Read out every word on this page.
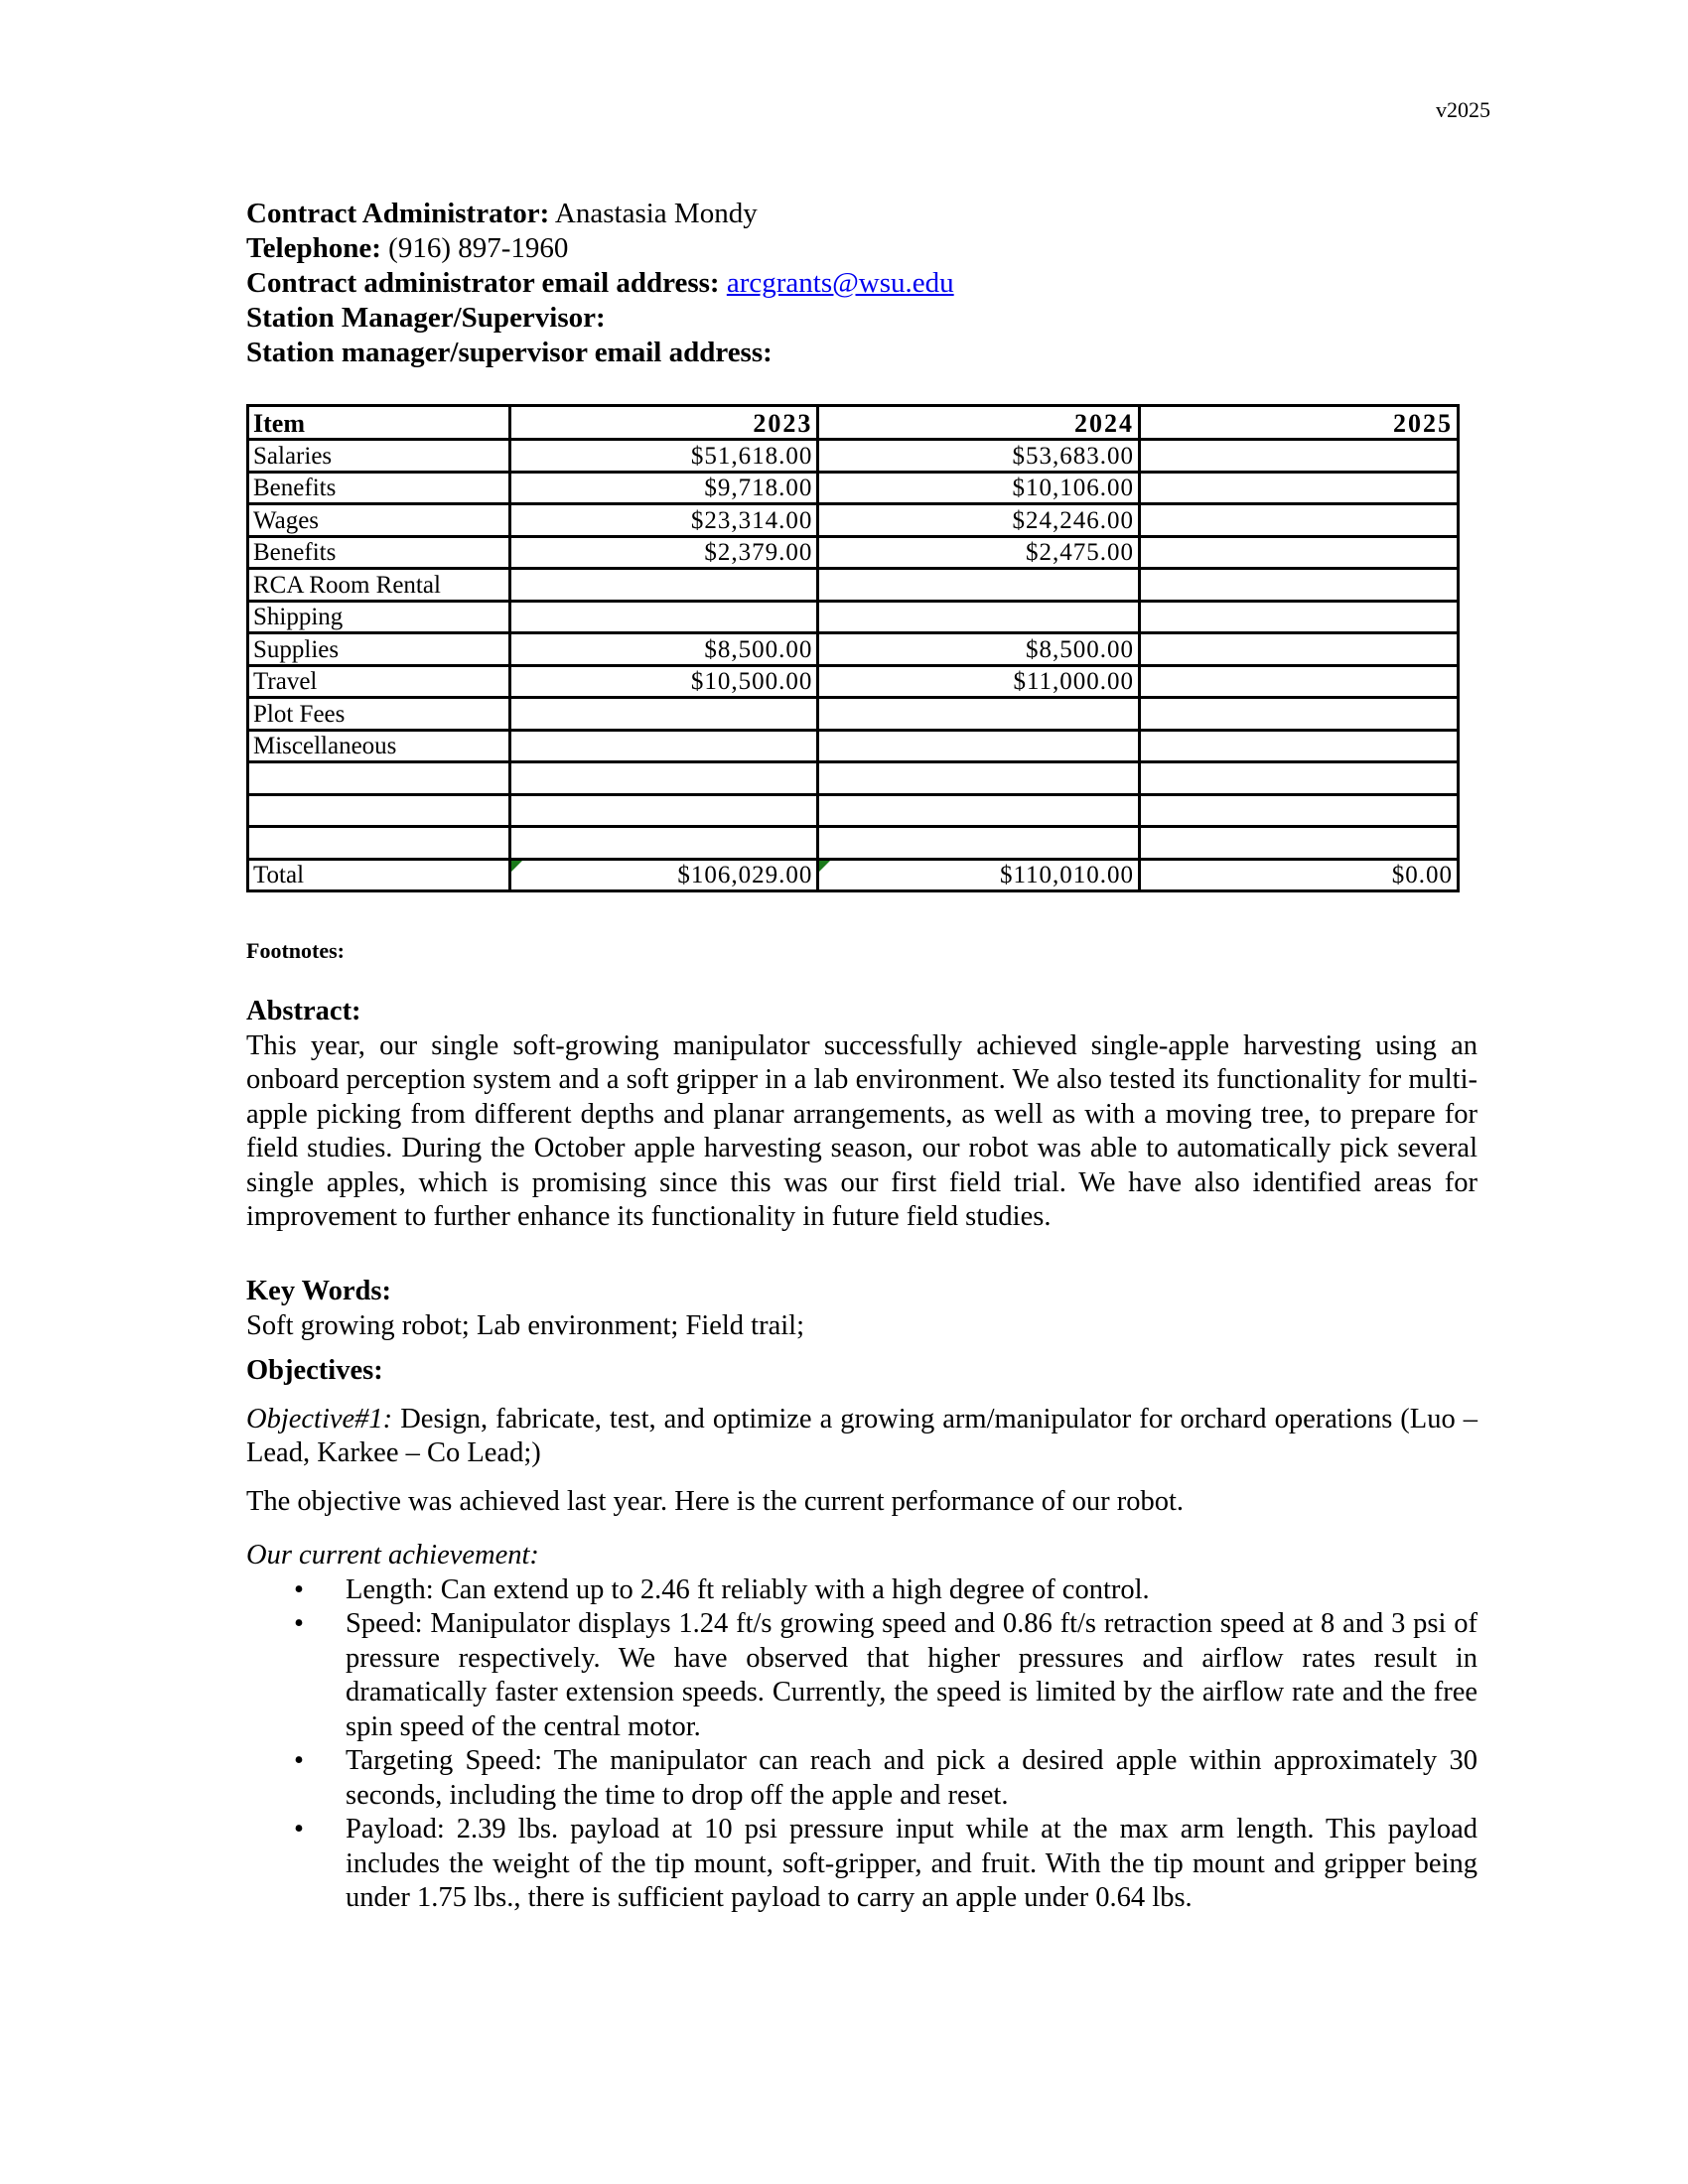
v2025
Contract Administrator: Anastasia Mondy
Telephone: (916) 897-1960
Contract administrator email address: arcgrants@wsu.edu
Station Manager/Supervisor:
Station manager/supervisor email address:
Item	2023	2024	2025
Salaries	$51,618.00	$53,683.00	
Benefits	$9,718.00	$10,106.00	
Wages	$23,314.00	$24,246.00	
Benefits	$2,379.00	$2,475.00	
RCA Room Rental			
Shipping			
Supplies	$8,500.00	$8,500.00	
Travel	$10,500.00	$11,000.00	
Plot Fees			
Miscellaneous			

Total	$106,029.00	$110,010.00	$0.00
Footnotes:
Abstract:
This year, our single soft-growing manipulator successfully achieved single-apple harvesting using an onboard perception system and a soft gripper in a lab environment. We also tested its functionality for multi-apple picking from different depths and planar arrangements, as well as with a moving tree, to prepare for field studies. During the October apple harvesting season, our robot was able to automatically pick several single apples, which is promising since this was our first field trial. We have also identified areas for improvement to further enhance its functionality in future field studies.
Key Words:
Soft growing robot; Lab environment; Field trail;
Objectives:
Objective#1: Design, fabricate, test, and optimize a growing arm/manipulator for orchard operations (Luo – Lead, Karkee – Co Lead;)
The objective was achieved last year. Here is the current performance of our robot.
Our current achievement:
• Length: Can extend up to 2.46 ft reliably with a high degree of control.
• Speed: Manipulator displays 1.24 ft/s growing speed and 0.86 ft/s retraction speed at 8 and 3 psi of pressure respectively. We have observed that higher pressures and airflow rates result in dramatically faster extension speeds. Currently, the speed is limited by the airflow rate and the free spin speed of the central motor.
• Targeting Speed: The manipulator can reach and pick a desired apple within approximately 30 seconds, including the time to drop off the apple and reset.
• Payload: 2.39 lbs. payload at 10 psi pressure input while at the max arm length. This payload includes the weight of the tip mount, soft-gripper, and fruit. With the tip mount and gripper being under 1.75 lbs., there is sufficient payload to carry an apple under 0.64 lbs.
